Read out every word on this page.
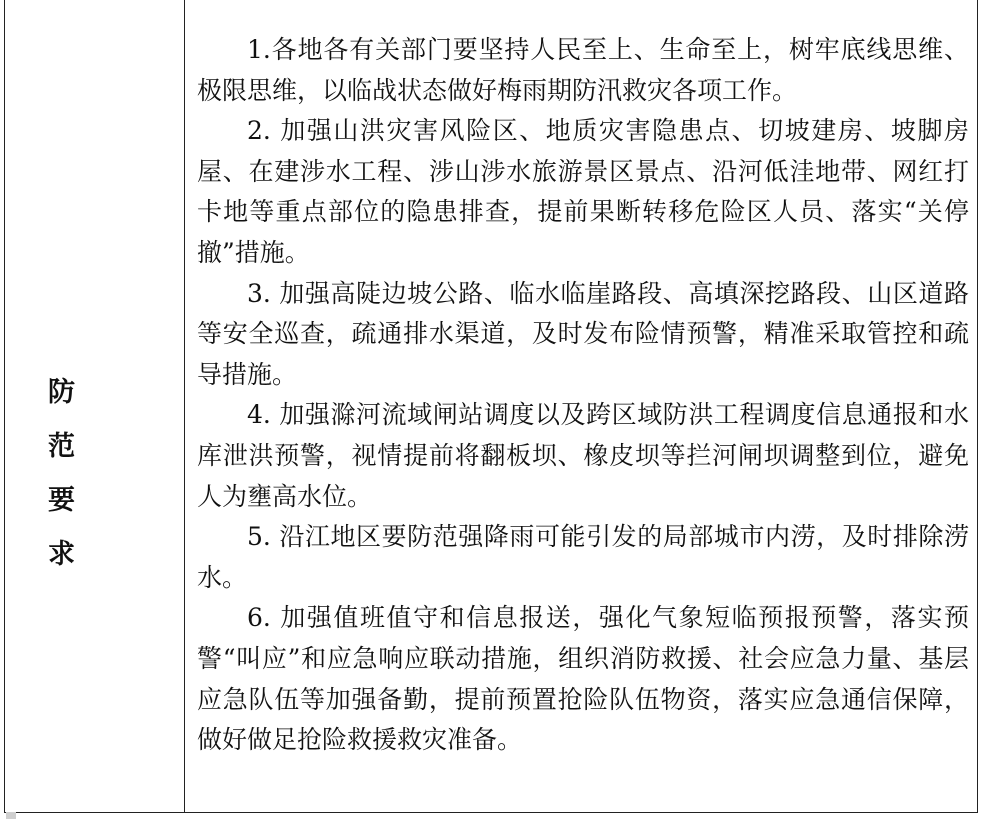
防范要求

1.各地各有关部门要坚持人民至上、生命至上，树牢底线思维、极限思维，以临战状态做好梅雨期防汛救灾各项工作。

2. 加强山洪灾害风险区、地质灾害隐患点、切坡建房、坡脚房屋、在建涉水工程、涉山涉水旅游景区景点、沿河低洼地带、网红打卡地等重点部位的隐患排查，提前果断转移危险区人员、落实“关停撤”措施。

3. 加强高陡边坡公路、临水临崖路段、高填深挖路段、山区道路等安全巡查，疏通排水渠道，及时发布险情预警，精准采取管控和疏导措施。

4. 加强滁河流域闸站调度以及跨区域防洪工程调度信息通报和水库泄洪预警，视情提前将翻板坝、橡皮坝等拦河闸坝调整到位，避免人为壅高水位。

5. 沿江地区要防范强降雨可能引发的局部城市内涝，及时排除涝水。

6. 加强值班值守和信息报送，强化气象短临预报预警，落实预警“叫应”和应急响应联动措施，组织消防救援、社会应急力量、基层应急队伍等加强备勤，提前预置抢险队伍物资，落实应急通信保障，做好做足抢险救援救灾准备。
